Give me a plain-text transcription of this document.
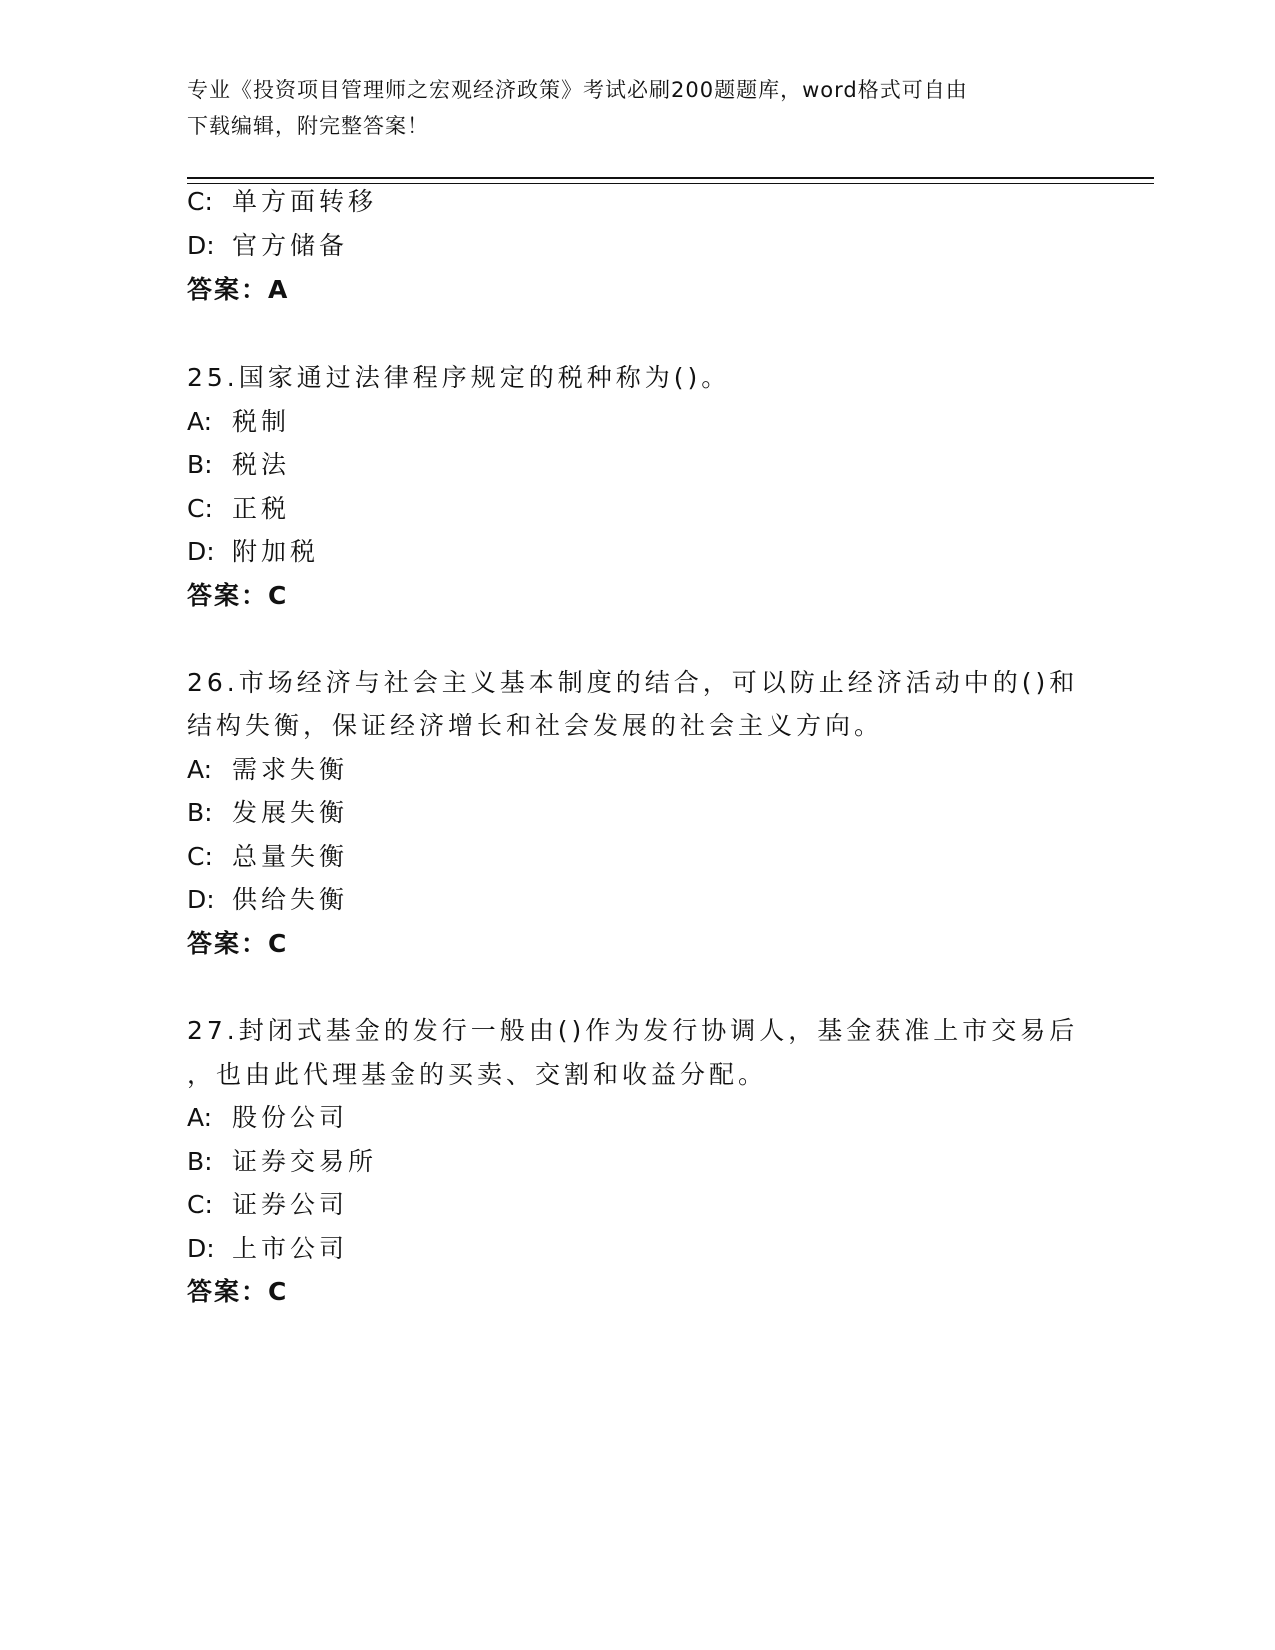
专业《投资项目管理师之宏观经济政策》考试必刷200题题库，word格式可自由
下载编辑，附完整答案！
C: 单方面转移
D: 官方储备
答案：A
25.国家通过法律程序规定的税种称为()。
A: 税制
B: 税法
C: 正税
D: 附加税
答案：C
26.市场经济与社会主义基本制度的结合，可以防止经济活动中的()和
结构失衡，保证经济增长和社会发展的社会主义方向。
A: 需求失衡
B: 发展失衡
C: 总量失衡
D: 供给失衡
答案：C
27.封闭式基金的发行一般由()作为发行协调人，基金获准上市交易后
，也由此代理基金的买卖、交割和收益分配。
A: 股份公司
B: 证券交易所
C: 证券公司
D: 上市公司
答案：C
